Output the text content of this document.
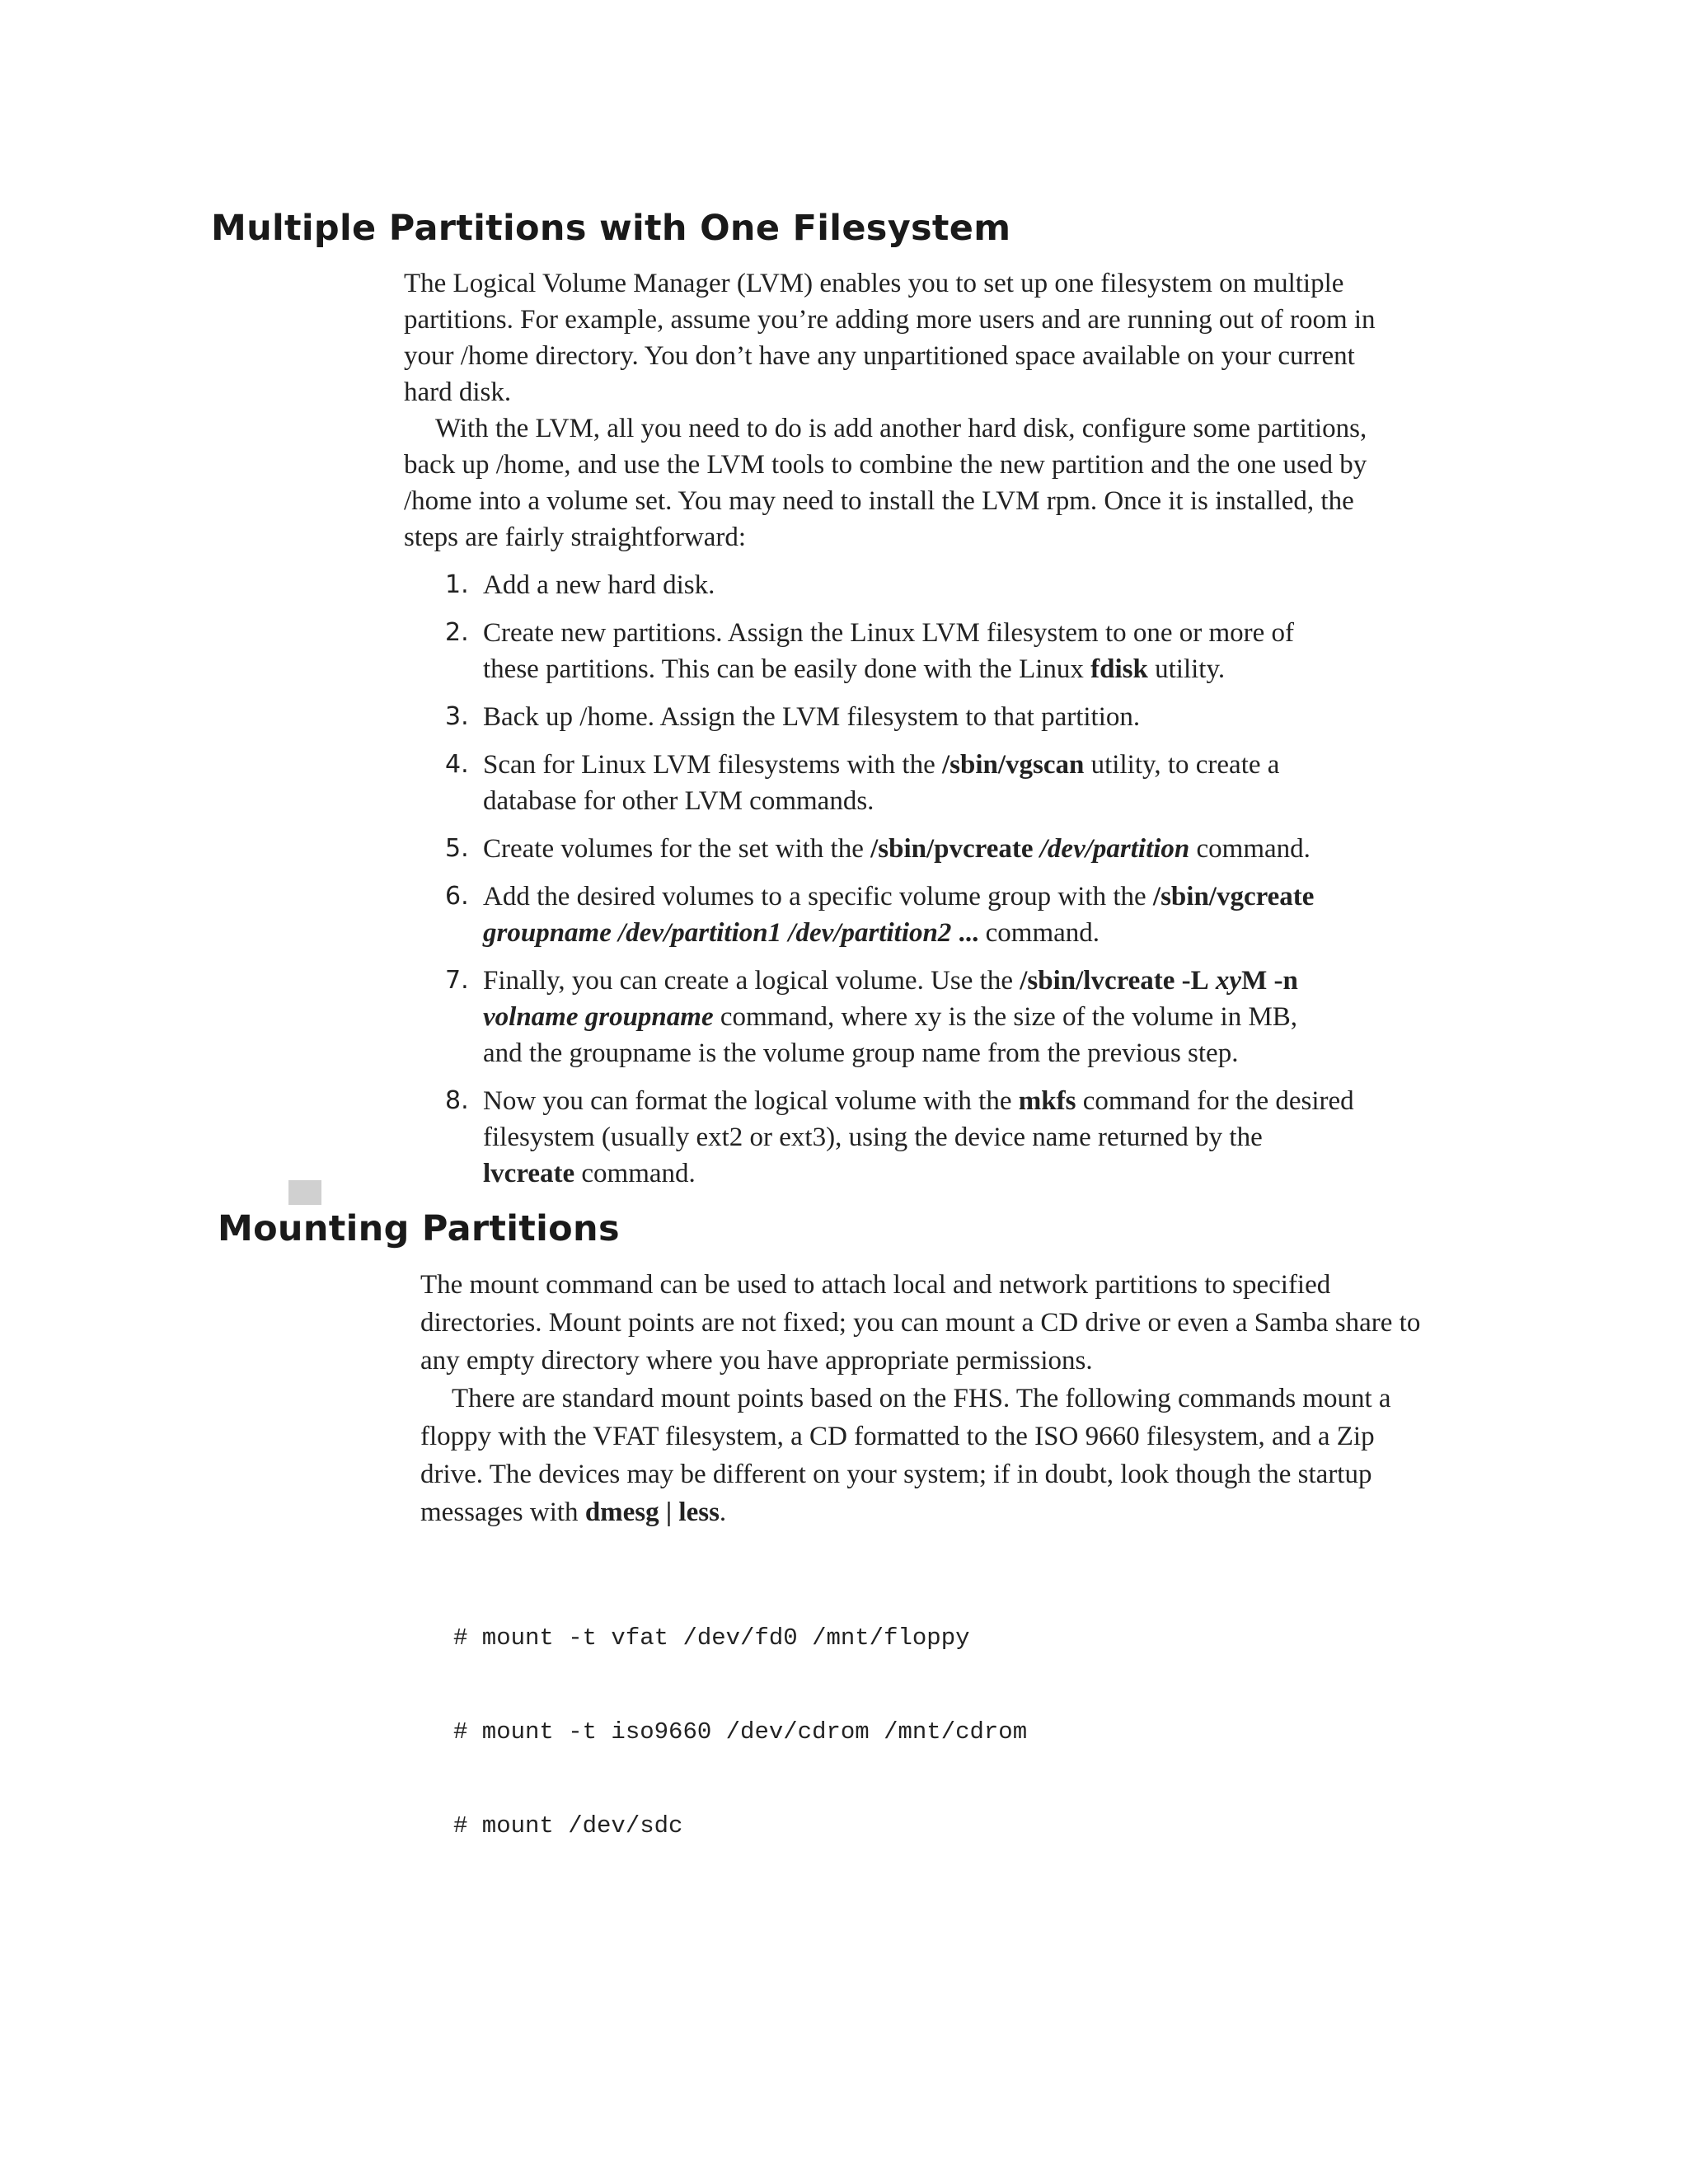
Multiple Partitions with One Filesystem

The Logical Volume Manager (LVM) enables you to set up one filesystem on multiple partitions. For example, assume you’re adding more users and are running out of room in your /home directory. You don’t have any unpartitioned space available on your current hard disk.

With the LVM, all you need to do is add another hard disk, configure some partitions, back up /home, and use the LVM tools to combine the new partition and the one used by /home into a volume set. You may need to install the LVM rpm. Once it is installed, the steps are fairly straightforward:

1. Add a new hard disk.
2. Create new partitions. Assign the Linux LVM filesystem to one or more of these partitions. This can be easily done with the Linux fdisk utility.
3. Back up /home. Assign the LVM filesystem to that partition.
4. Scan for Linux LVM filesystems with the /sbin/vgscan utility, to create a database for other LVM commands.
5. Create volumes for the set with the /sbin/pvcreate /dev/partition command.
6. Add the desired volumes to a specific volume group with the /sbin/vgcreate groupname /dev/partition1 /dev/partition2 ... command.
7. Finally, you can create a logical volume. Use the /sbin/lvcreate -L xyM -n volname groupname command, where xy is the size of the volume in MB, and the groupname is the volume group name from the previous step.
8. Now you can format the logical volume with the mkfs command for the desired filesystem (usually ext2 or ext3), using the device name returned by the lvcreate command.
Mounting Partitions

The mount command can be used to attach local and network partitions to specified directories. Mount points are not fixed; you can mount a CD drive or even a Samba share to any empty directory where you have appropriate permissions.

There are standard mount points based on the FHS. The following commands mount a floppy with the VFAT filesystem, a CD formatted to the ISO 9660 filesystem, and a Zip drive. The devices may be different on your system; if in doubt, look though the startup messages with dmesg | less.

# mount -t vfat /dev/fd0 /mnt/floppy

# mount -t iso9660 /dev/cdrom /mnt/cdrom

# mount /dev/sdc
